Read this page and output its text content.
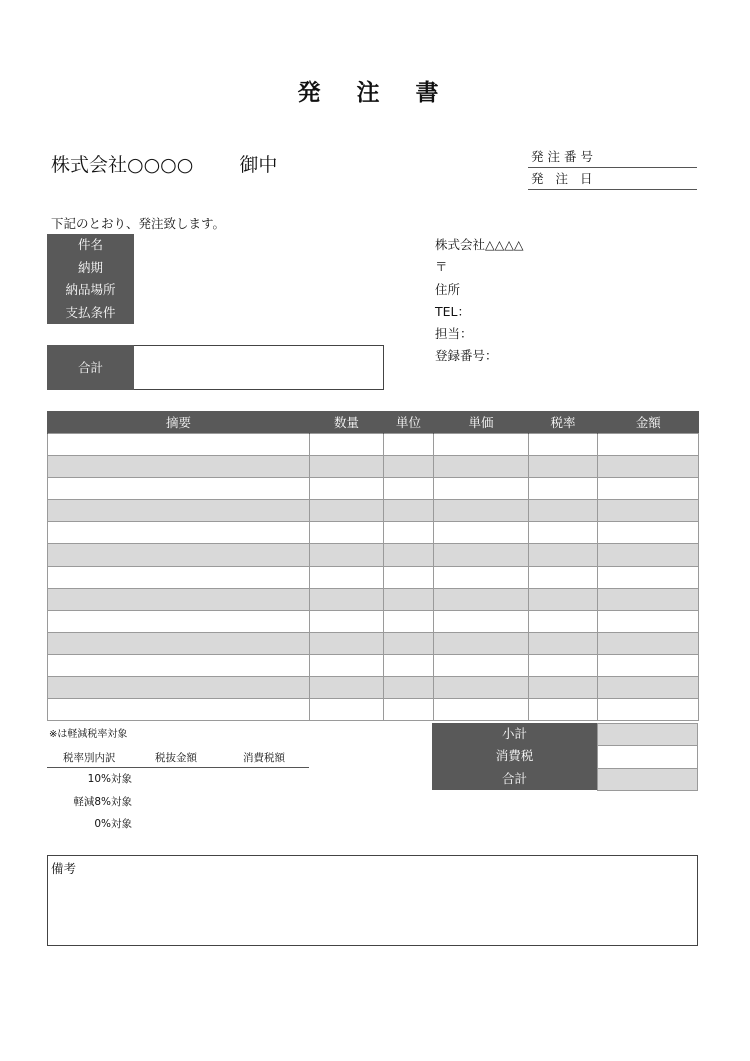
発 注 書
株式会社○○○○ 御中	発注番号
発 注 日
下記のとおり、発注致します。
件名
納期
納品場所
支払条件
株式会社△△△△
〒
住所
TEL：
担当：
登録番号：
合計
摘要	数量	単位	単価	税率	金額

※は軽減税率対象
税率別内訳	税抜金額	消費税額
10%対象
軽減8%対象
0%対象
小計
消費税
合計
備考
